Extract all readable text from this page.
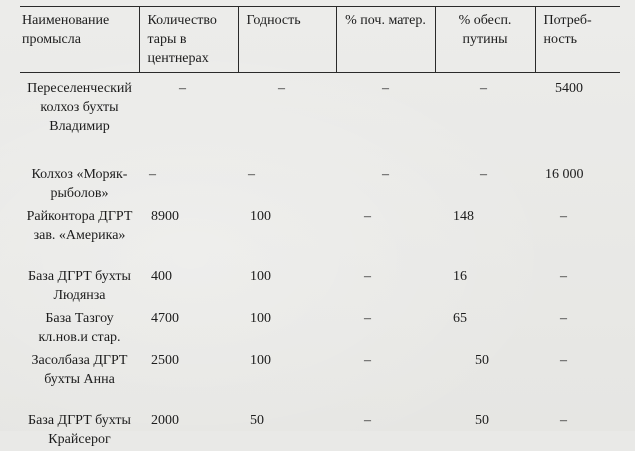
Наименование промысла	Количество тары в центнерах	Годность	% поч. матер.	% обесп. путины	Потреб-ность
Переселенческий колхоз бухты Владимир	–	–	–	–	5400
Колхоз «Моряк-рыболов»	–	–	–	–	16 000
Райконтора ДГРТ зав. «Америка»	8900	100	–	148	–
База ДГРТ бухты Людянза	400	100	–	16	–
База Тазгоу кл.нов.и стар.	4700	100	–	65	–
Засолбаза ДГРТ бухты Анна	2500	100	–	50	–
База ДГРТ бухты Крайсерог	2000	50	–	50	–
